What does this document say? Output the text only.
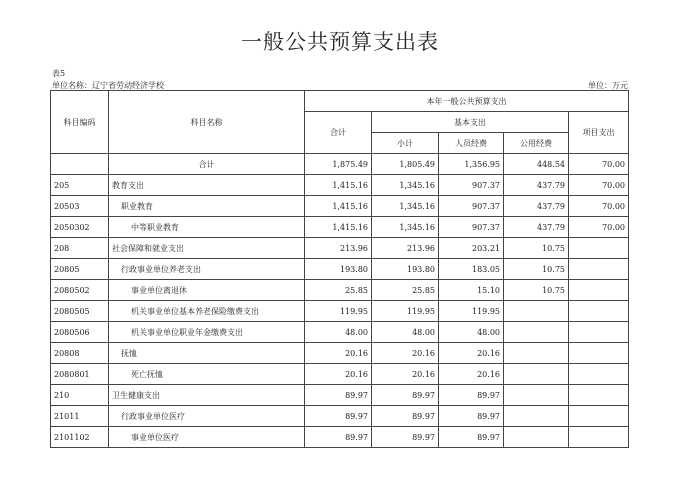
一般公共预算支出表
表5
单位名称：辽宁省劳动经济学校	单位：万元
科目编码	科目名称	本年一般公共预算支出				
		合计	基本支出			项目支出
			小计	人员经费	公用经费	
	合计	1,875.49	1,805.49	1,356.95	448.54	70.00
205	教育支出	1,415.16	1,345.16	907.37	437.79	70.00
20503	职业教育	1,415.16	1,345.16	907.37	437.79	70.00
2050302	中等职业教育	1,415.16	1,345.16	907.37	437.79	70.00
208	社会保障和就业支出	213.96	213.96	203.21	10.75	
20805	行政事业单位养老支出	193.80	193.80	183.05	10.75	
2080502	事业单位离退休	25.85	25.85	15.10	10.75	
2080505	机关事业单位基本养老保险缴费支出	119.95	119.95	119.95		
2080506	机关事业单位职业年金缴费支出	48.00	48.00	48.00		
20808	抚恤	20.16	20.16	20.16		
2080801	死亡抚恤	20.16	20.16	20.16		
210	卫生健康支出	89.97	89.97	89.97		
21011	行政事业单位医疗	89.97	89.97	89.97		
2101102	事业单位医疗	89.97	89.97	89.97		
